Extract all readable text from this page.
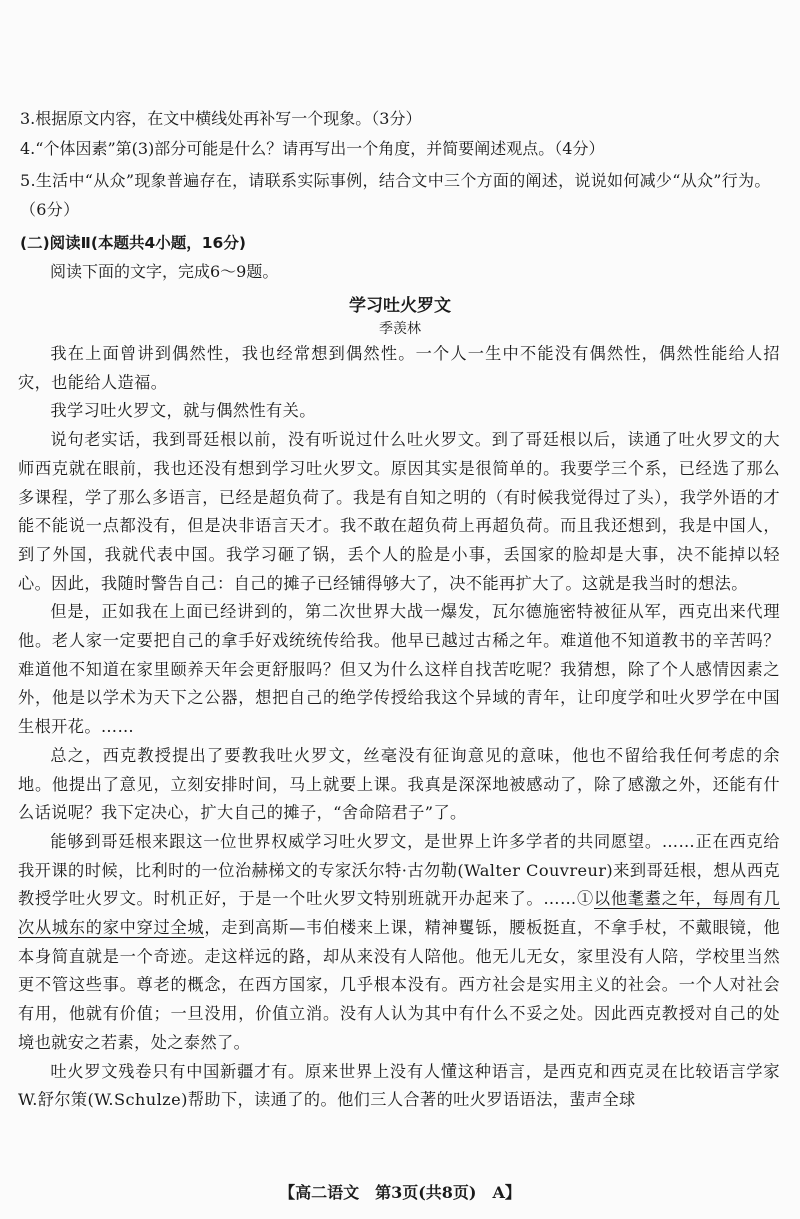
3.根据原文内容，在文中横线处再补写一个现象。（3分）
4.“个体因素”第(3)部分可能是什么？请再写出一个角度，并简要阐述观点。（4分）
5.生活中“从众”现象普遍存在，请联系实际事例，结合文中三个方面的阐述，说说如何减少“从众”行为。（6分）
(二)阅读Ⅱ(本题共4小题，16分)
阅读下面的文字，完成6～9题。
学习吐火罗文
季羡林

我在上面曾讲到偶然性，我也经常想到偶然性。一个人一生中不能没有偶然性，偶然性能给人招灾，也能给人造福。

我学习吐火罗文，就与偶然性有关。

说句老实话，我到哥廷根以前，没有听说过什么吐火罗文。到了哥廷根以后，读通了吐火罗文的大师西克就在眼前，我也还没有想到学习吐火罗文。原因其实是很简单的。我要学三个系，已经选了那么多课程，学了那么多语言，已经是超负荷了。我是有自知之明的（有时候我觉得过了头），我学外语的才能不能说一点都没有，但是决非语言天才。我不敢在超负荷上再超负荷。而且我还想到，我是中国人，到了外国，我就代表中国。我学习砸了锅，丢个人的脸是小事，丢国家的脸却是大事，决不能掉以轻心。因此，我随时警告自己：自己的摊子已经铺得够大了，决不能再扩大了。这就是我当时的想法。

但是，正如我在上面已经讲到的，第二次世界大战一爆发，瓦尔德施密特被征从军，西克出来代理他。老人家一定要把自己的拿手好戏统统传给我。他早已越过古稀之年。难道他不知道教书的辛苦吗？难道他不知道在家里颐养天年会更舒服吗？但又为什么这样自找苦吃呢？我猜想，除了个人感情因素之外，他是以学术为天下之公器，想把自己的绝学传授给我这个异域的青年，让印度学和吐火罗学在中国生根开花。……

总之，西克教授提出了要教我吐火罗文，丝毫没有征询意见的意味，他也不留给我任何考虑的余地。他提出了意见，立刻安排时间，马上就要上课。我真是深深地被感动了，除了感激之外，还能有什么话说呢？我下定决心，扩大自己的摊子，“舍命陪君子”了。

能够到哥廷根来跟这一位世界权威学习吐火罗文，是世界上许多学者的共同愿望。……正在西克给我开课的时候，比利时的一位治赫梯文的专家沃尔特·古勿勒(Walter Couvreur)来到哥廷根，想从西克教授学吐火罗文。时机正好，于是一个吐火罗文特别班就开办起来了。……①以他耄耋之年，每周有几次从城东的家中穿过全城，走到高斯—韦伯楼来上课，精神矍铄，腰板挺直，不拿手杖，不戴眼镜，他本身简直就是一个奇迹。走这样远的路，却从来没有人陪他。他无儿无女，家里没有人陪，学校里当然更不管这些事。尊老的概念，在西方国家，几乎根本没有。西方社会是实用主义的社会。一个人对社会有用，他就有价值；一旦没用，价值立消。没有人认为其中有什么不妥之处。因此西克教授对自己的处境也就安之若素，处之泰然了。

吐火罗文残卷只有中国新疆才有。原来世界上没有人懂这种语言，是西克和西克灵在比较语言学家W.舒尔策(W.Schulze)帮助下，读通了的。他们三人合著的吐火罗语语法，蜚声全球

【高二语文　第3页(共8页)　A】
